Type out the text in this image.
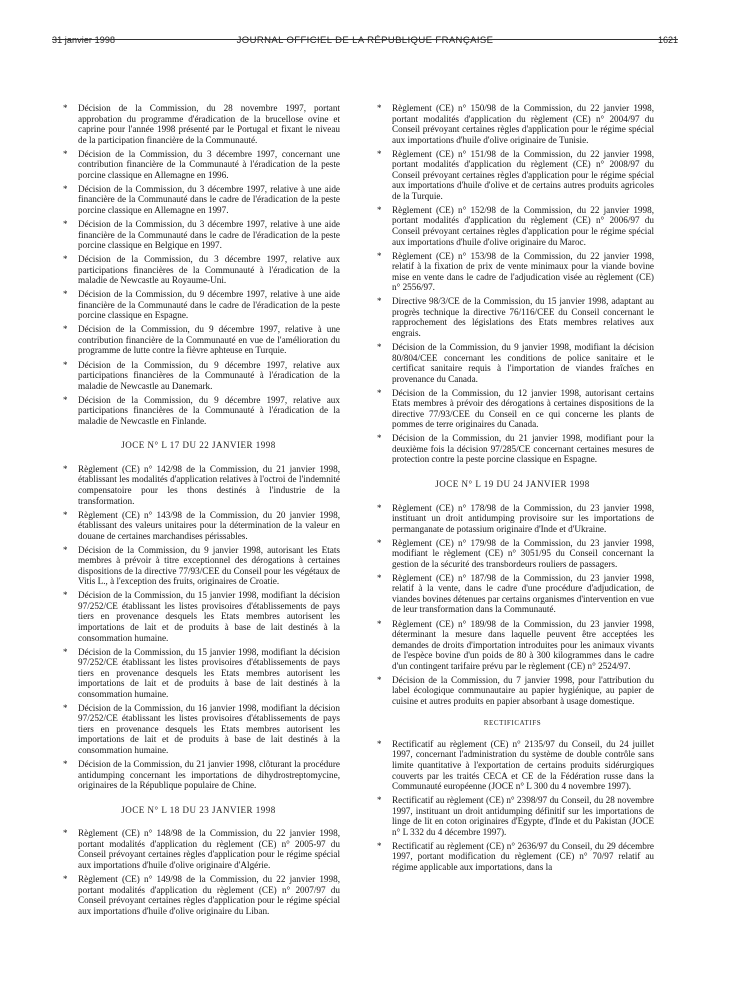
31 janvier 1998	JOURNAL OFFICIEL DE LA RÉPUBLIQUE FRANÇAISE	1621
* Décision de la Commission, du 28 novembre 1997, portant approbation du programme d'éradication de la brucellose ovine et caprine pour l'année 1998 présenté par le Portugal et fixant le niveau de la participation financière de la Communauté.
* Décision de la Commission, du 3 décembre 1997, concernant une contribution financière de la Communauté à l'éradication de la peste porcine classique en Allemagne en 1996.
* Décision de la Commission, du 3 décembre 1997, relative à une aide financière de la Communauté dans le cadre de l'éradication de la peste porcine classique en Allemagne en 1997.
* Décision de la Commission, du 3 décembre 1997, relative à une aide financière de la Communauté dans le cadre de l'éradication de la peste porcine classique en Belgique en 1997.
* Décision de la Commission, du 3 décembre 1997, relative aux participations financières de la Communauté à l'éradication de la maladie de Newcastle au Royaume-Uni.
* Décision de la Commission, du 9 décembre 1997, relative à une aide financière de la Communauté dans le cadre de l'éradication de la peste porcine classique en Espagne.
* Décision de la Commission, du 9 décembre 1997, relative à une contribution financière de la Communauté en vue de l'amélioration du programme de lutte contre la fièvre aphteuse en Turquie.
* Décision de la Commission, du 9 décembre 1997, relative aux participations financières de la Communauté à l'éradication de la maladie de Newcastle au Danemark.
* Décision de la Commission, du 9 décembre 1997, relative aux participations financières de la Communauté à l'éradication de la maladie de Newcastle en Finlande.
JOCE N° L 17 DU 22 JANVIER 1998
* Règlement (CE) n° 142/98 de la Commission, du 21 janvier 1998, établissant les modalités d'application relatives à l'octroi de l'indemnité compensatoire pour les thons destinés à l'industrie de la transformation.
* Règlement (CE) n° 143/98 de la Commission, du 20 janvier 1998, établissant des valeurs unitaires pour la détermination de la valeur en douane de certaines marchandises périssables.
* Décision de la Commission, du 9 janvier 1998, autorisant les Etats membres à prévoir à titre exceptionnel des dérogations à certaines dispositions de la directive 77/93/CEE du Conseil pour les végétaux de Vitis L., à l'exception des fruits, originaires de Croatie.
* Décision de la Commission, du 15 janvier 1998, modifiant la décision 97/252/CE établissant les listes provisoires d'établissements de pays tiers en provenance desquels les Etats membres autorisent les importations de lait et de produits à base de lait destinés à la consommation humaine.
* Décision de la Commission, du 15 janvier 1998, modifiant la décision 97/252/CE établissant les listes provisoires d'établissements de pays tiers en provenance desquels les Etats membres autorisent les importations de lait et de produits à base de lait destinés à la consommation humaine.
* Décision de la Commission, du 16 janvier 1998, modifiant la décision 97/252/CE établissant les listes provisoires d'établissements de pays tiers en provenance desquels les Etats membres autorisent les importations de lait et de produits à base de lait destinés à la consommation humaine.
* Décision de la Commission, du 21 janvier 1998, clôturant la procédure antidumping concernant les importations de dihydrostreptomycine, originaires de la République populaire de Chine.
JOCE N° L 18 DU 23 JANVIER 1998
* Règlement (CE) n° 148/98 de la Commission, du 22 janvier 1998, portant modalités d'application du règlement (CE) n° 2005-97 du Conseil prévoyant certaines règles d'application pour le régime spécial aux importations d'huile d'olive originaire d'Algérie.
* Règlement (CE) n° 149/98 de la Commission, du 22 janvier 1998, portant modalités d'application du règlement (CE) n° 2007/97 du Conseil prévoyant certaines règles d'application pour le régime spécial aux importations d'huile d'olive originaire du Liban.
* Règlement (CE) n° 150/98 de la Commission, du 22 janvier 1998, portant modalités d'application du règlement (CE) n° 2004/97 du Conseil prévoyant certaines règles d'application pour le régime spécial aux importations d'huile d'olive originaire de Tunisie.
* Règlement (CE) n° 151/98 de la Commission, du 22 janvier 1998, portant modalités d'application du règlement (CE) n° 2008/97 du Conseil prévoyant certaines règles d'application pour le régime spécial aux importations d'huile d'olive et de certains autres produits agricoles de la Turquie.
* Règlement (CE) n° 152/98 de la Commission, du 22 janvier 1998, portant modalités d'application du règlement (CE) n° 2006/97 du Conseil prévoyant certaines règles d'application pour le régime spécial aux importations d'huile d'olive originaire du Maroc.
* Règlement (CE) n° 153/98 de la Commission, du 22 janvier 1998, relatif à la fixation de prix de vente minimaux pour la viande bovine mise en vente dans le cadre de l'adjudication visée au règlement (CE) n° 2556/97.
* Directive 98/3/CE de la Commission, du 15 janvier 1998, adaptant au progrès technique la directive 76/116/CEE du Conseil concernant le rapprochement des législations des Etats membres relatives aux engrais.
* Décision de la Commission, du 9 janvier 1998, modifiant la décision 80/804/CEE concernant les conditions de police sanitaire et le certificat sanitaire requis à l'importation de viandes fraîches en provenance du Canada.
* Décision de la Commission, du 12 janvier 1998, autorisant certains Etats membres à prévoir des dérogations à certaines dispositions de la directive 77/93/CEE du Conseil en ce qui concerne les plants de pommes de terre originaires du Canada.
* Décision de la Commission, du 21 janvier 1998, modifiant pour la deuxième fois la décision 97/285/CE concernant certaines mesures de protection contre la peste porcine classique en Espagne.
JOCE N° L 19 DU 24 JANVIER 1998
* Règlement (CE) n° 178/98 de la Commission, du 23 janvier 1998, instituant un droit antidumping provisoire sur les importations de permanganate de potassium originaire d'Inde et d'Ukraine.
* Règlement (CE) n° 179/98 de la Commission, du 23 janvier 1998, modifiant le règlement (CE) n° 3051/95 du Conseil concernant la gestion de la sécurité des transbordeurs rouliers de passagers.
* Règlement (CE) n° 187/98 de la Commission, du 23 janvier 1998, relatif à la vente, dans le cadre d'une procédure d'adjudication, de viandes bovines détenues par certains organismes d'intervention en vue de leur transformation dans la Communauté.
* Règlement (CE) n° 189/98 de la Commission, du 23 janvier 1998, déterminant la mesure dans laquelle peuvent être acceptées les demandes de droits d'importation introduites pour les animaux vivants de l'espèce bovine d'un poids de 80 à 300 kilogrammes dans le cadre d'un contingent tarifaire prévu par le règlement (CE) n° 2524/97.
* Décision de la Commission, du 7 janvier 1998, pour l'attribution du label écologique communautaire au papier hygiénique, au papier de cuisine et autres produits en papier absorbant à usage domestique.
RECTIFICATIFS
* Rectificatif au règlement (CE) n° 2135/97 du Conseil, du 24 juillet 1997, concernant l'administration du système de double contrôle sans limite quantitative à l'exportation de certains produits sidérurgiques couverts par les traités CECA et CE de la Fédération russe dans la Communauté européenne (JOCE n° L 300 du 4 novembre 1997).
* Rectificatif au règlement (CE) n° 2398/97 du Conseil, du 28 novembre 1997, instituant un droit antidumping définitif sur les importations de linge de lit en coton originaires d'Egypte, d'Inde et du Pakistan (JOCE n° L 332 du 4 décembre 1997).
* Rectificatif au règlement (CE) n° 2636/97 du Conseil, du 29 décembre 1997, portant modification du règlement (CE) n° 70/97 relatif au régime applicable aux importations, dans la
